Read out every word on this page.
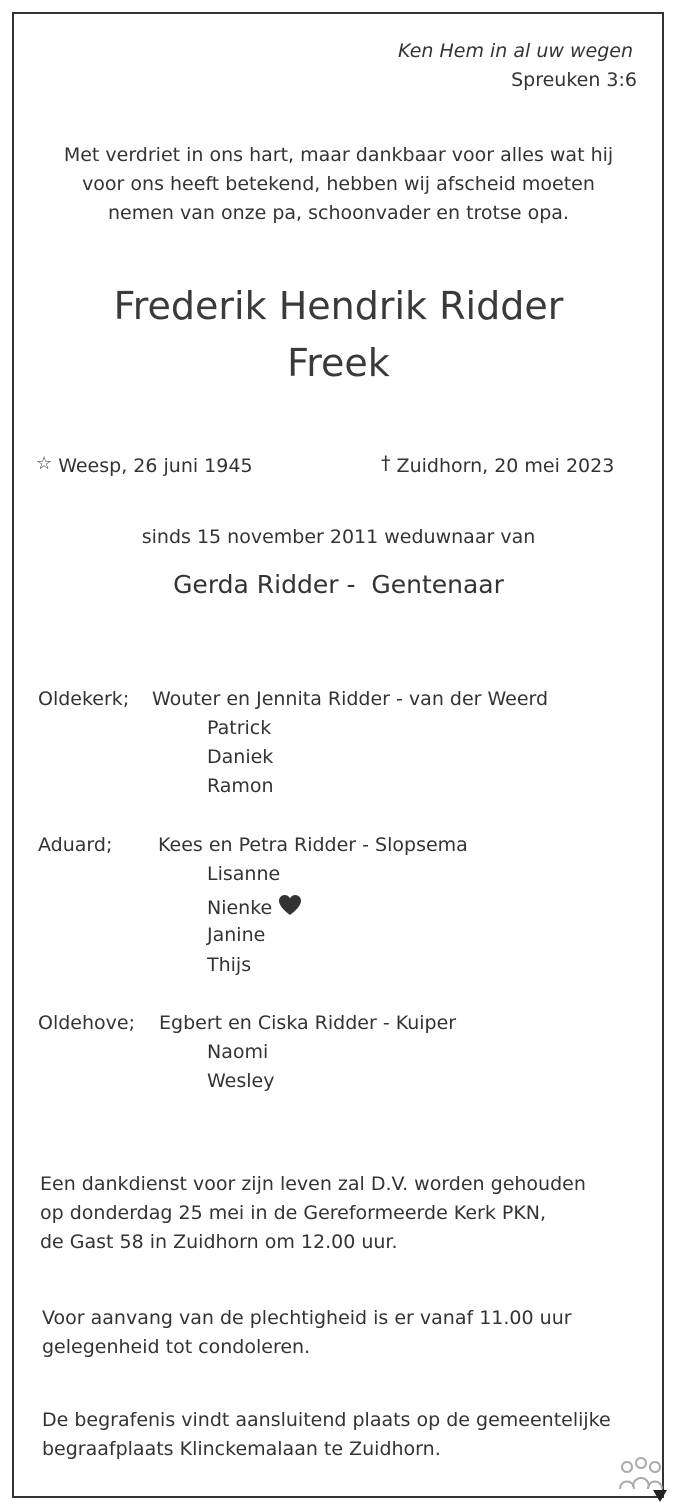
Ken Hem in al uw wegen
Spreuken 3:6
Met verdriet in ons hart, maar dankbaar voor alles wat hij
voor ons heeft betekend, hebben wij afscheid moeten
nemen van onze pa, schoonvader en trotse opa.
Frederik Hendrik Ridder
Freek
☆ Weesp, 26 juni 1945	† Zuidhorn, 20 mei 2023
sinds 15 november 2011 weduwnaar van
Gerda Ridder -  Gentenaar
Oldekerk; Wouter en Jennita Ridder - van der Weerd
Patrick
Daniek
Ramon
Aduard; Kees en Petra Ridder - Slopsema
Lisanne
Nienke
Janine
Thijs
Oldehove; Egbert en Ciska Ridder - Kuiper
Naomi
Wesley
Een dankdienst voor zijn leven zal D.V. worden gehouden
op donderdag 25 mei in de Gereformeerde Kerk PKN,
de Gast 58 in Zuidhorn om 12.00 uur.
Voor aanvang van de plechtigheid is er vanaf 11.00 uur
gelegenheid tot condoleren.
De begrafenis vindt aansluitend plaats op de gemeentelijke
begraafplaats Klinckemalaan te Zuidhorn.
